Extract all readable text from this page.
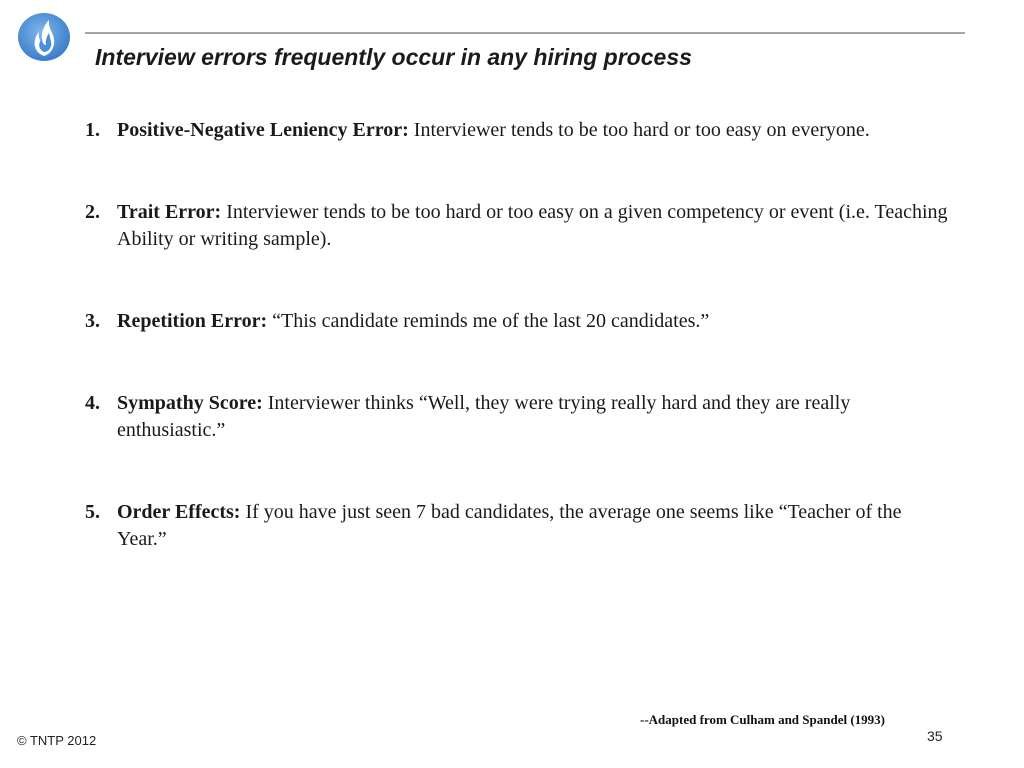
Interview errors frequently occur in any hiring process
1. Positive-Negative Leniency Error: Interviewer tends to be too hard or too easy on everyone.
2. Trait Error: Interviewer tends to be too hard or too easy on a given competency or event (i.e. Teaching Ability or writing sample).
3. Repetition Error: “This candidate reminds me of the last 20 candidates.”
4. Sympathy Score: Interviewer thinks “Well, they were trying really hard and they are really enthusiastic.”
5. Order Effects: If you have just seen 7 bad candidates, the average one seems like “Teacher of the Year.”
--Adapted from Culham and Spandel (1993)
© TNTP 2012	35
